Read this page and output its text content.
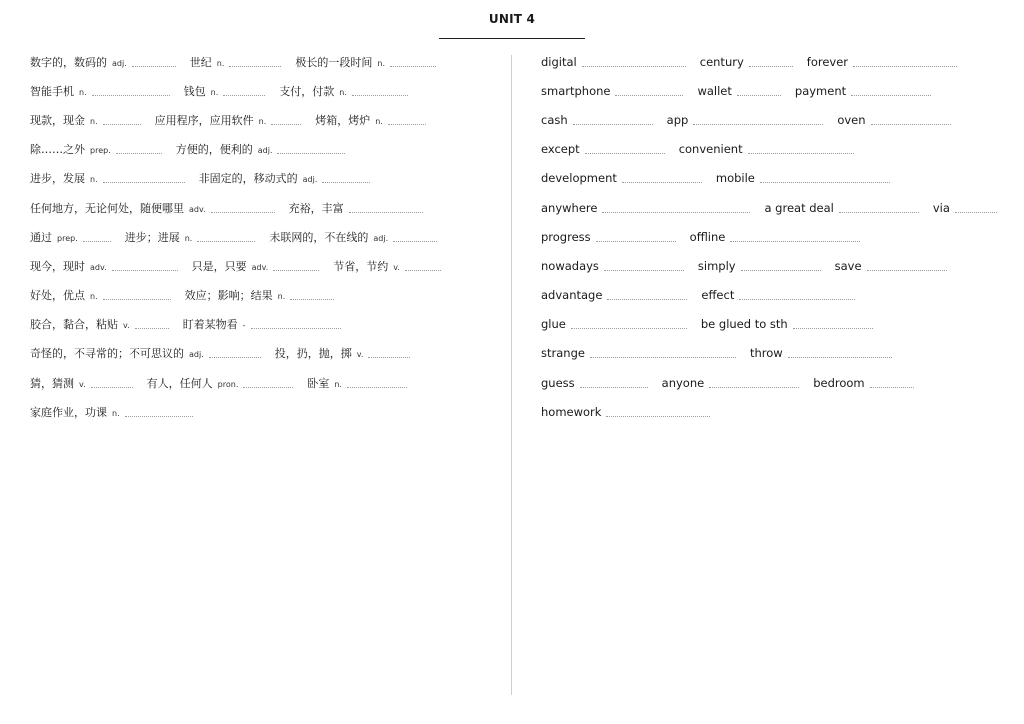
UNIT 4
数字的，数码的 adj.	世纪 n.	极长的一段时间 n.
智能手机 n.	钱包 n.	支付，付款 n.
现款，现金 n.	应用程序，应用软件 n.	烤箱，烤炉 n.
除……之外 prep.	方便的，便利的 adj.
进步，发展 n.	非固定的，移动式的 adj.
任何地方，无论何处，随便哪里 adv.	充裕，丰富
通过 prep.	进步；进展 n.	未联网的，不在线的 adj.
现今，现时 adv.	只是，只要 adv.	节省，节约 v.
好处，优点 n.	效应；影响；结果 n.
胶合，黏合，粘贴 v.	盯着某物看 -
奇怪的，不寻常的；不可思议的 adj.	投，扔，抛，掷 v.
猜，猜测 v.	有人，任何人 pron.	卧室 n.
家庭作业，功课 n.
digital	century	forever
smartphone	wallet	payment
cash	app	oven
except	convenient
development	mobile
anywhere	a great deal	via
progress	offline
nowadays	simply	save
advantage	effect
glue	be glued to sth
strange	throw
guess	anyone	bedroom
homework
